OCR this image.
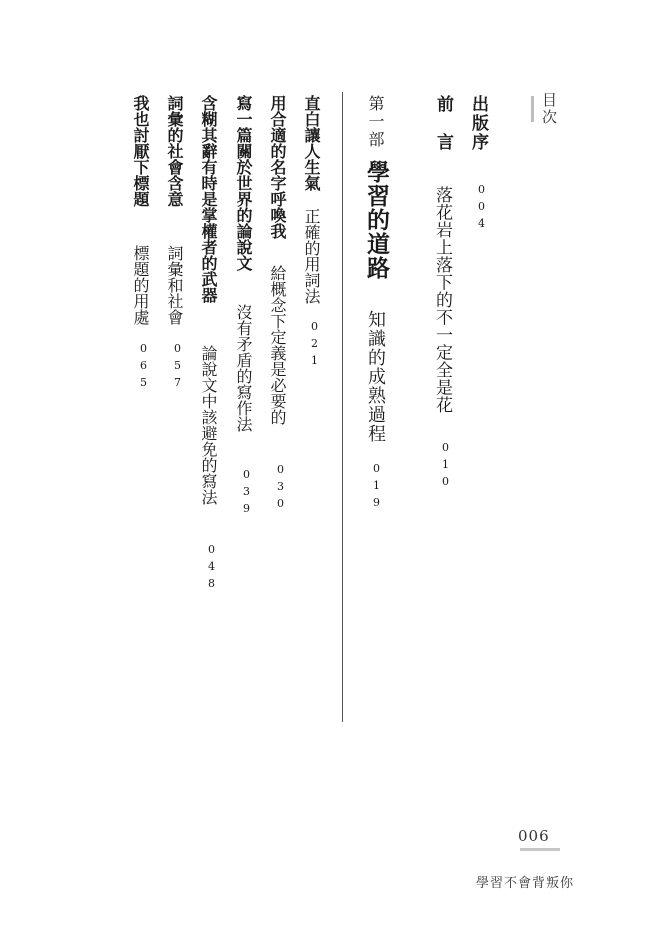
目次
出版序
004
前　言
落花岩上落下的不一定全是花
010
第一部
學習的道路
知識的成熟過程
019
直白讓人生氣
正確的用詞法
021
用合適的名字呼喚我
給概念下定義是必要的
030
寫一篇關於世界的論說文
沒有矛盾的寫作法
039
含糊其辭有時是掌權者的武器
論說文中該避免的寫法
048
詞彙的社會含意
詞彙和社會
057
我也討厭下標題
標題的用處
065
006
學習不會背叛你
